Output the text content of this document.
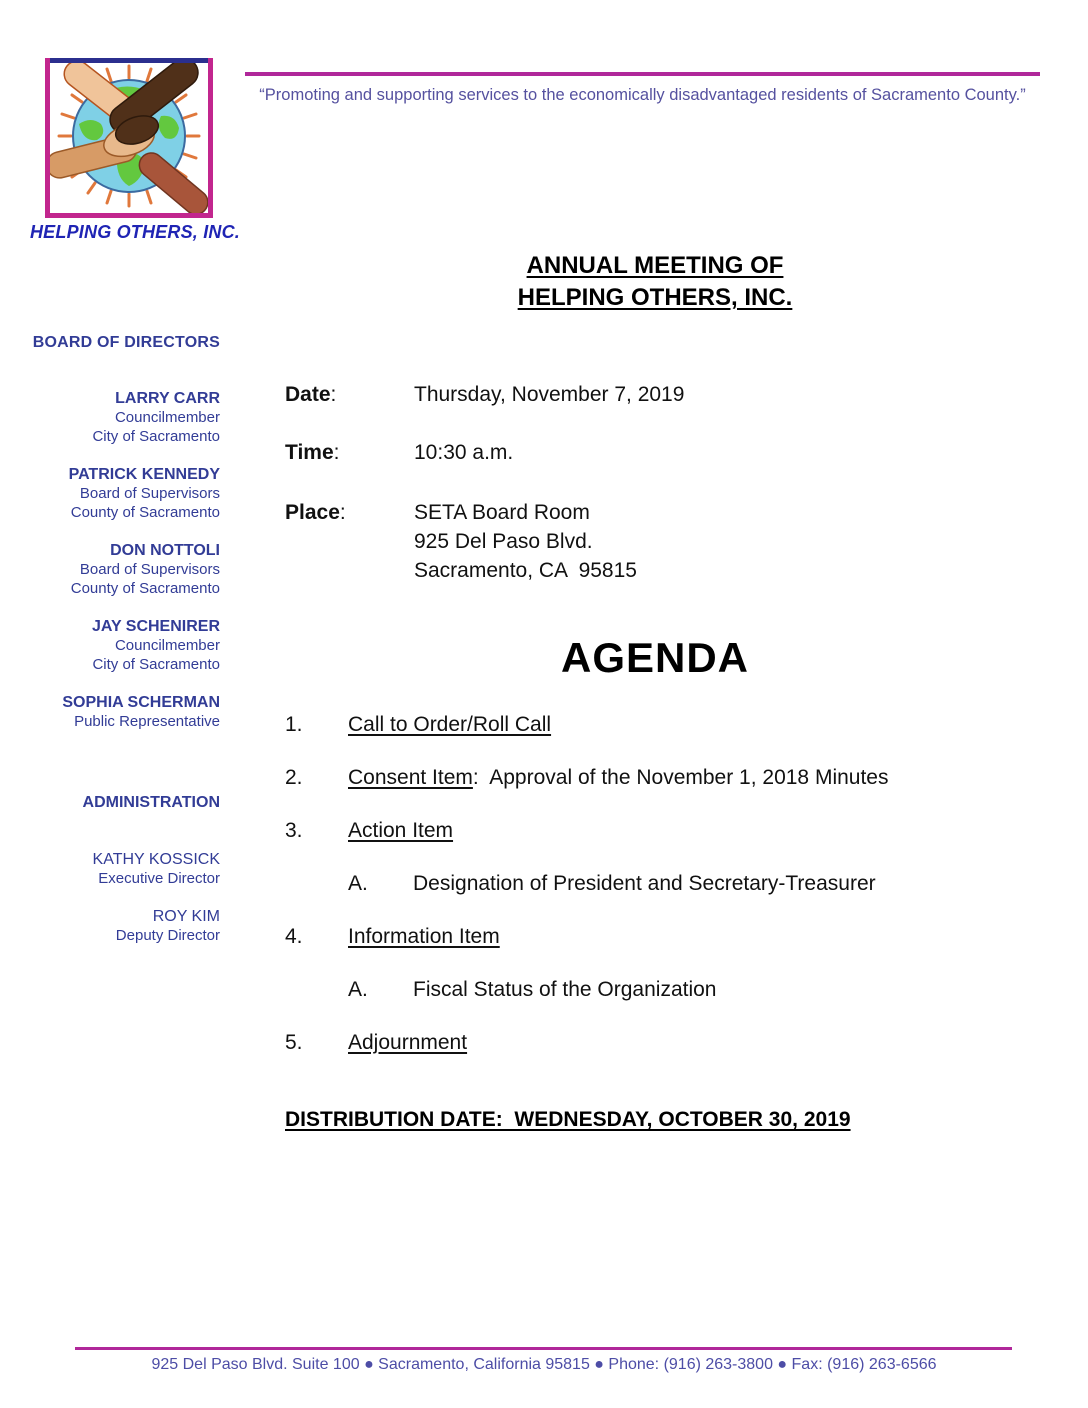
HELPING OTHERS, INC.
“Promoting and supporting services to the economically disadvantaged residents of Sacramento County.”
BOARD OF DIRECTORS
LARRY CARR
Councilmember
City of Sacramento
PATRICK KENNEDY
Board of Supervisors
County of Sacramento
DON NOTTOLI
Board of Supervisors
County of Sacramento
JAY SCHENIRER
Councilmember
City of Sacramento
SOPHIA SCHERMAN
Public Representative
ADMINISTRATION
KATHY KOSSICK
Executive Director
ROY KIM
Deputy Director
ANNUAL MEETING OF
HELPING OTHERS, INC.
Date:	Thursday, November 7, 2019
Time:	10:30 a.m.
Place:	SETA Board Room
925 Del Paso Blvd.
Sacramento, CA  95815
AGENDA
1.	Call to Order/Roll Call
2.	Consent Item:  Approval of the November 1, 2018 Minutes
3.	Action Item
A.	Designation of President and Secretary-Treasurer
4.	Information Item
A.	Fiscal Status of the Organization
5.	Adjournment
DISTRIBUTION DATE:  WEDNESDAY, OCTOBER 30, 2019
925 Del Paso Blvd. Suite 100 ● Sacramento, California 95815 ● Phone: (916) 263-3800 ● Fax: (916) 263-6566
